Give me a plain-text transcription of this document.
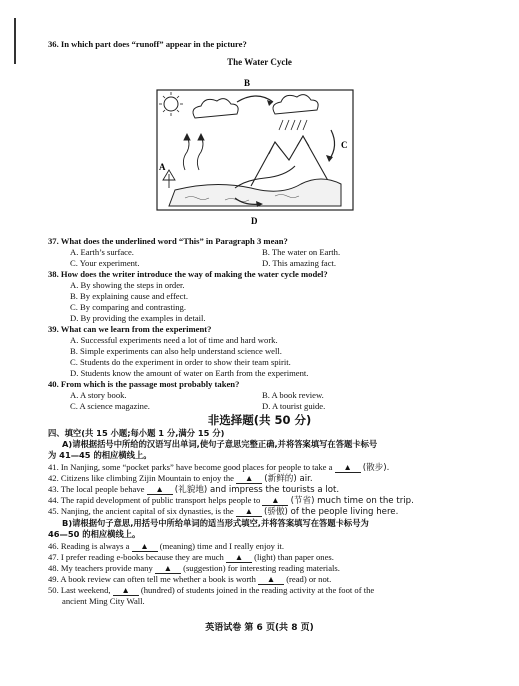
36. In which part does “runoff” appear in the picture?
The Water Cycle
B
C
A
D
37. What does the underlined word “This” in Paragraph 3 mean?
A. Earth’s surface.	B. The water on Earth.
C. Your experiment.	D. This amazing fact.
38. How does the writer introduce the way of making the water cycle model?
A. By showing the steps in order.
B. By explaining cause and effect.
C. By comparing and contrasting.
D. By providing the examples in detail.
39. What can we learn from the experiment?
A. Successful experiments need a lot of time and hard work.
B. Simple experiments can also help understand science well.
C. Students do the experiment in order to show their team spirit.
D. Students know the amount of water on Earth from the experiment.
40. From which is the passage most probably taken?
A. A story book.	B. A book review.
C. A science magazine.	D. A tourist guide.
非选择题(共 50 分)
四、填空(共 15 小题;每小题 1 分,满分 15 分)
A)请根据括号中所给的汉语写出单词,使句子意思完整正确,并将答案填写在答题卡标号
为 41—45 的相应横线上。
41. In Nanjing, some “pocket parks” have become good places for people to take a ▲ (散步).
42. Citizens like climbing Zijin Mountain to enjoy the ▲ (新鲜的) air.
43. The local people behave ▲ (礼貌地) and impress the tourists a lot.
44. The rapid development of public transport helps people to ▲ (节省) much time on the trip.
45. Nanjing, the ancient capital of six dynasties, is the ▲ (骄傲) of the people living here.
B)请根据句子意思,用括号中所给单词的适当形式填空,并将答案填写在答题卡标号为
46—50 的相应横线上。
46. Reading is always a ▲ (meaning) time and I really enjoy it.
47. I prefer reading e-books because they are much ▲ (light) than paper ones.
48. My teachers provide many ▲ (suggestion) for interesting reading materials.
49. A book review can often tell me whether a book is worth ▲ (read) or not.
50. Last weekend, ▲ (hundred) of students joined in the reading activity at the foot of the
ancient Ming City Wall.
英语试卷 第 6 页(共 8 页)
